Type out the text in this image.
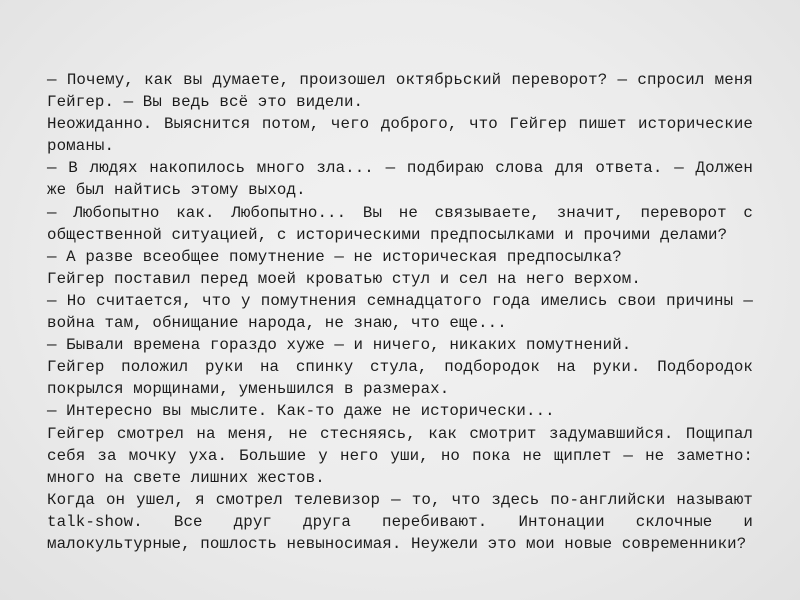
— Почему, как вы думаете, произошел октябрьский переворот? — спросил меня Гейгер. — Вы ведь всё это видели.

Неожиданно. Выяснится потом, чего доброго, что Гейгер пишет исторические романы.

— В людях накопилось много зла... — подбираю слова для ответа. — Должен же был найтись этому выход.

— Любопытно как. Любопытно... Вы не связываете, значит, переворот с общественной ситуацией, с историческими предпосылками и прочими делами?

— А разве всеобщее помутнение — не историческая предпосылка?

Гейгер поставил перед моей кроватью стул и сел на него верхом.

— Но считается, что у помутнения семнадцатого года имелись свои причины — война там, обнищание народа, не знаю, что еще...

— Бывали времена гораздо хуже — и ничего, никаких помутнений.

Гейгер положил руки на спинку стула, подбородок на руки. Подбородок покрылся морщинами, уменьшился в размерах.

— Интересно вы мыслите. Как-то даже не исторически...

Гейгер смотрел на меня, не стесняясь, как смотрит задумавшийся. Пощипал себя за мочку уха. Большие у него уши, но пока не щиплет — не заметно: много на свете лишних жестов.

Когда он ушел, я смотрел телевизор — то, что здесь по-английски называют talk-show. Все друг друга перебивают. Интонации склочные и малокультурные, пошлость невыносимая. Неужели это мои новые современники?
